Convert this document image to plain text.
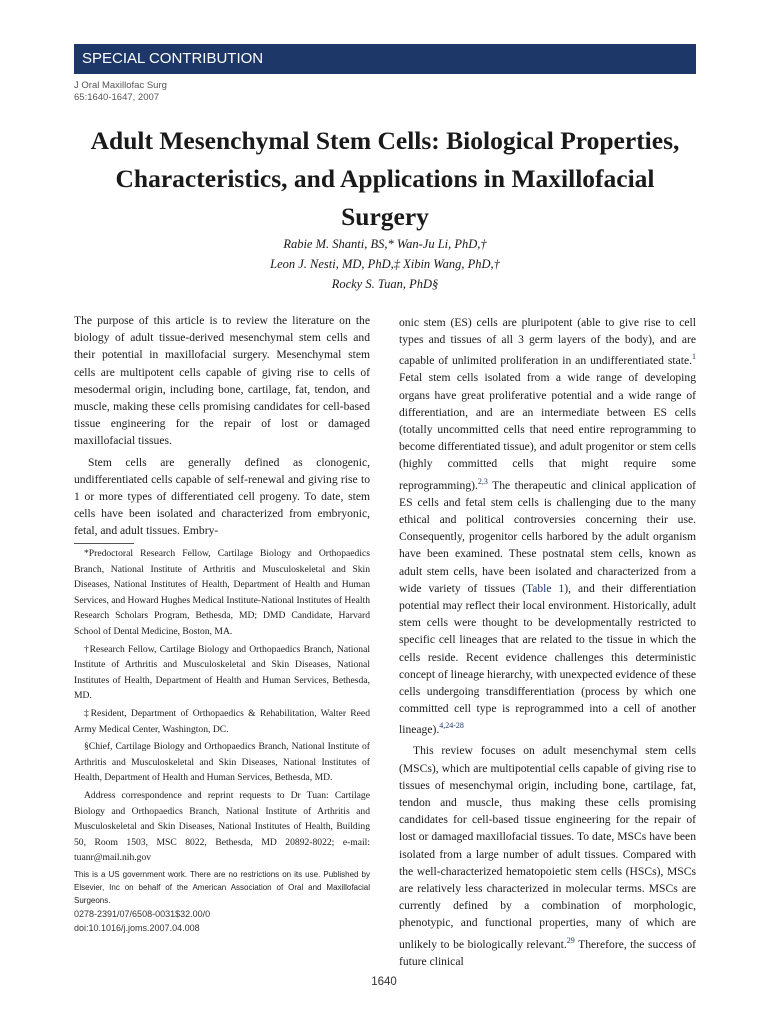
SPECIAL CONTRIBUTION
J Oral Maxillofac Surg
65:1640-1647, 2007
Adult Mesenchymal Stem Cells: Biological Properties, Characteristics, and Applications in Maxillofacial Surgery
Rabie M. Shanti, BS,* Wan-Ju Li, PhD,†
Leon J. Nesti, MD, PhD,‡ Xibin Wang, PhD,†
Rocky S. Tuan, PhD§

The purpose of this article is to review the literature on the biology of adult tissue-derived mesenchymal stem cells and their potential in maxillofacial surgery. Mesenchymal stem cells are multipotent cells capable of giving rise to cells of mesodermal origin, including bone, cartilage, fat, tendon, and muscle, making these cells promising candidates for cell-based tissue engineering for the repair of lost or damaged maxillofacial tissues.

Stem cells are generally defined as clonogenic, undifferentiated cells capable of self-renewal and giving rise to 1 or more types of differentiated cell progeny. To date, stem cells have been isolated and characterized from embryonic, fetal, and adult tissues. Embry-

*Predoctoral Research Fellow, Cartilage Biology and Orthopaedics Branch, National Institute of Arthritis and Musculoskeletal and Skin Diseases, National Institutes of Health, Department of Health and Human Services, and Howard Hughes Medical Institute-National Institutes of Health Research Scholars Program, Bethesda, MD; DMD Candidate, Harvard School of Dental Medicine, Boston, MA.

†Research Fellow, Cartilage Biology and Orthopaedics Branch, National Institute of Arthritis and Musculoskeletal and Skin Diseases, National Institutes of Health, Department of Health and Human Services, Bethesda, MD.

‡Resident, Department of Orthopaedics & Rehabilitation, Walter Reed Army Medical Center, Washington, DC.

§Chief, Cartilage Biology and Orthopaedics Branch, National Institute of Arthritis and Musculoskeletal and Skin Diseases, National Institutes of Health, Department of Health and Human Services, Bethesda, MD.

Address correspondence and reprint requests to Dr Tuan: Cartilage Biology and Orthopaedics Branch, National Institute of Arthritis and Musculoskeletal and Skin Diseases, National Institutes of Health, Building 50, Room 1503, MSC 8022, Bethesda, MD 20892-8022; e-mail: tuanr@mail.nih.gov

This is a US government work. There are no restrictions on its use. Published by Elsevier, Inc on behalf of the American Association of Oral and Maxillofacial Surgeons.

0278-2391/07/6508-0031$32.00/0

doi:10.1016/j.joms.2007.04.008

onic stem (ES) cells are pluripotent (able to give rise to cell types and tissues of all 3 germ layers of the body), and are capable of unlimited proliferation in an undifferentiated state.$^1$ Fetal stem cells isolated from a wide range of developing organs have great proliferative potential and a wide range of differentiation, and are an intermediate between ES cells (totally uncommitted cells that need entire reprogramming to become differentiated tissue), and adult progenitor or stem cells (highly committed cells that might require some reprogramming).$^{2,3}$ The therapeutic and clinical application of ES cells and fetal stem cells is challenging due to the many ethical and political controversies concerning their use. Consequently, progenitor cells harbored by the adult organism have been examined. These postnatal stem cells, known as adult stem cells, have been isolated and characterized from a wide variety of tissues (Table 1), and their differentiation potential may reflect their local environment. Historically, adult stem cells were thought to be developmentally restricted to specific cell lineages that are related to the tissue in which the cells reside. Recent evidence challenges this deterministic concept of lineage hierarchy, with unexpected evidence of these cells undergoing transdifferentiation (process by which one committed cell type is reprogrammed into a cell of another lineage).$^{4,24-28}$

This review focuses on adult mesenchymal stem cells (MSCs), which are multipotential cells capable of giving rise to tissues of mesenchymal origin, including bone, cartilage, fat, tendon and muscle, thus making these cells promising candidates for cell-based tissue engineering for the repair of lost or damaged maxillofacial tissues. To date, MSCs have been isolated from a large number of adult tissues. Compared with the well-characterized hematopoietic stem cells (HSCs), MSCs are relatively less characterized in molecular terms. MSCs are currently defined by a combination of morphologic, phenotypic, and functional properties, many of which are unlikely to be biologically relevant.$^{29}$ Therefore, the success of future clinical

1640
